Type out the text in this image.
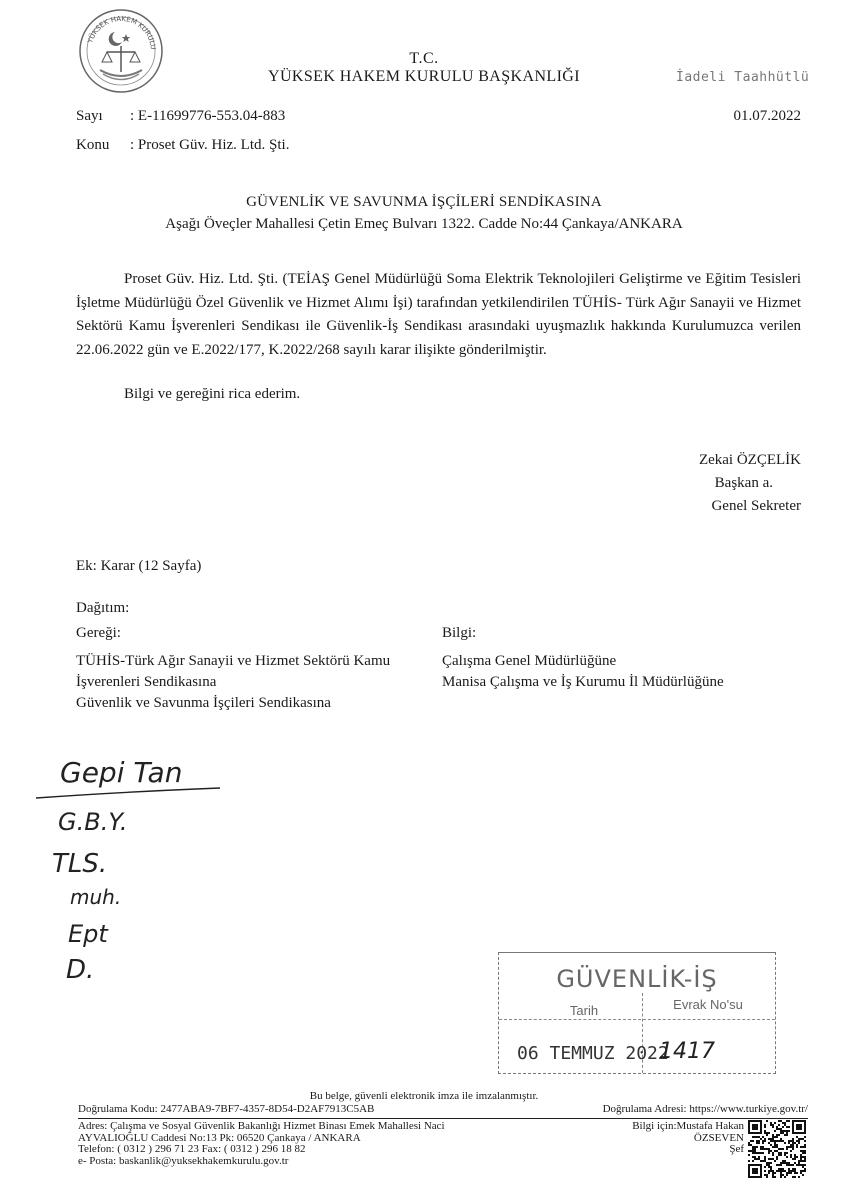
YÜKSEK HAKEM KURULU
T.C.
YÜKSEK HAKEM KURULU BAŞKANLIĞI	İadeli Taahhütlü
Sayı : E-11699776-553.04-883
Konu : Proset Güv. Hiz. Ltd. Şti.
01.07.2022
GÜVENLİK VE SAVUNMA İŞÇİLERİ SENDİKASINA
Aşağı Öveçler Mahallesi Çetin Emeç Bulvarı 1322. Cadde No:44 Çankaya/ANKARA

Proset Güv. Hiz. Ltd. Şti. (TEİAŞ Genel Müdürlüğü Soma Elektrik Teknolojileri Geliştirme ve Eğitim Tesisleri İşletme Müdürlüğü Özel Güvenlik ve Hizmet Alımı İşi) tarafından yetkilendirilen TÜHİS- Türk Ağır Sanayii ve Hizmet Sektörü Kamu İşverenleri Sendikası ile Güvenlik-İş Sendikası arasındaki uyuşmazlık hakkında Kurulumuzca verilen 22.06.2022 gün ve E.2022/177, K.2022/268 sayılı karar ilişikte gönderilmiştir.

Bilgi ve gereğini rica ederim.
Zekai ÖZÇELİK
Başkan a.
Genel Sekreter
Ek: Karar (12 Sayfa)
Dağıtım:
Gereği:	Bilgi:
TÜHİS-Türk Ağır Sanayii ve Hizmet Sektörü Kamu
İşverenleri Sendikasına
Güvenlik ve Savunma İşçileri Sendikasına
Çalışma Genel Müdürlüğüne
Manisa Çalışma ve İş Kurumu İl Müdürlüğüne
Gepi Tan
G.B.Y.
TLS.
muh.
Ept
D.	GÜVENLİK-İŞ
Tarih	Evrak No'su
06 TEMMUZ 2022
1417
Bu belge, güvenli elektronik imza ile imzalanmıştır.
Doğrulama Kodu: 2477ABA9-7BF7-4357-8D54-D2AF7913C5AB	Doğrulama Adresi: https://www.turkiye.gov.tr/
Adres: Çalışma ve Sosyal Güvenlik Bakanlığı Hizmet Binası Emek Mahallesi Naci
AYVALIOĞLU Caddesi No:13 Pk: 06520 Çankaya / ANKARA
Telefon: ( 0312 ) 296 71 23 Fax: ( 0312 ) 296 18 82
e- Posta: baskanlik@yuksekhakemkurulu.gov.tr
Bilgi için:Mustafa Hakan
ÖZSEVEN
Şef
